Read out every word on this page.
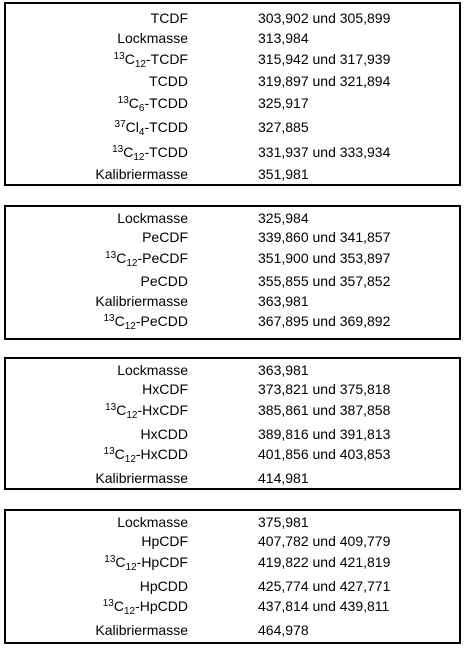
TCDF	303,902 und 305,899
Lockmasse	313,984
$^{13}C_{12}$-TCDF	315,942 und 317,939
TCDD	319,897 und 321,894
$^{13}C_6$-TCDD	325,917
$^{37}Cl_4$-TCDD	327,885
$^{13}C_{12}$-TCDD	331,937 und 333,934
Kalibriermasse	351,981
Lockmasse	325,984
PeCDF	339,860 und 341,857
$^{13}C_{12}$-PeCDF	351,900 und 353,897
PeCDD	355,855 und 357,852
Kalibriermasse	363,981
$^{13}C_{12}$-PeCDD	367,895 und 369,892
Lockmasse	363,981
HxCDF	373,821 und 375,818
$^{13}C_{12}$-HxCDF	385,861 und 387,858
HxCDD	389,816 und 391,813
$^{13}C_{12}$-HxCDD	401,856 und 403,853
Kalibriermasse	414,981
Lockmasse	375,981
HpCDF	407,782 und 409,779
$^{13}C_{12}$-HpCDF	419,822 und 421,819
HpCDD	425,774 und 427,771
$^{13}C_{12}$-HpCDD	437,814 und 439,811
Kalibriermasse	464,978
